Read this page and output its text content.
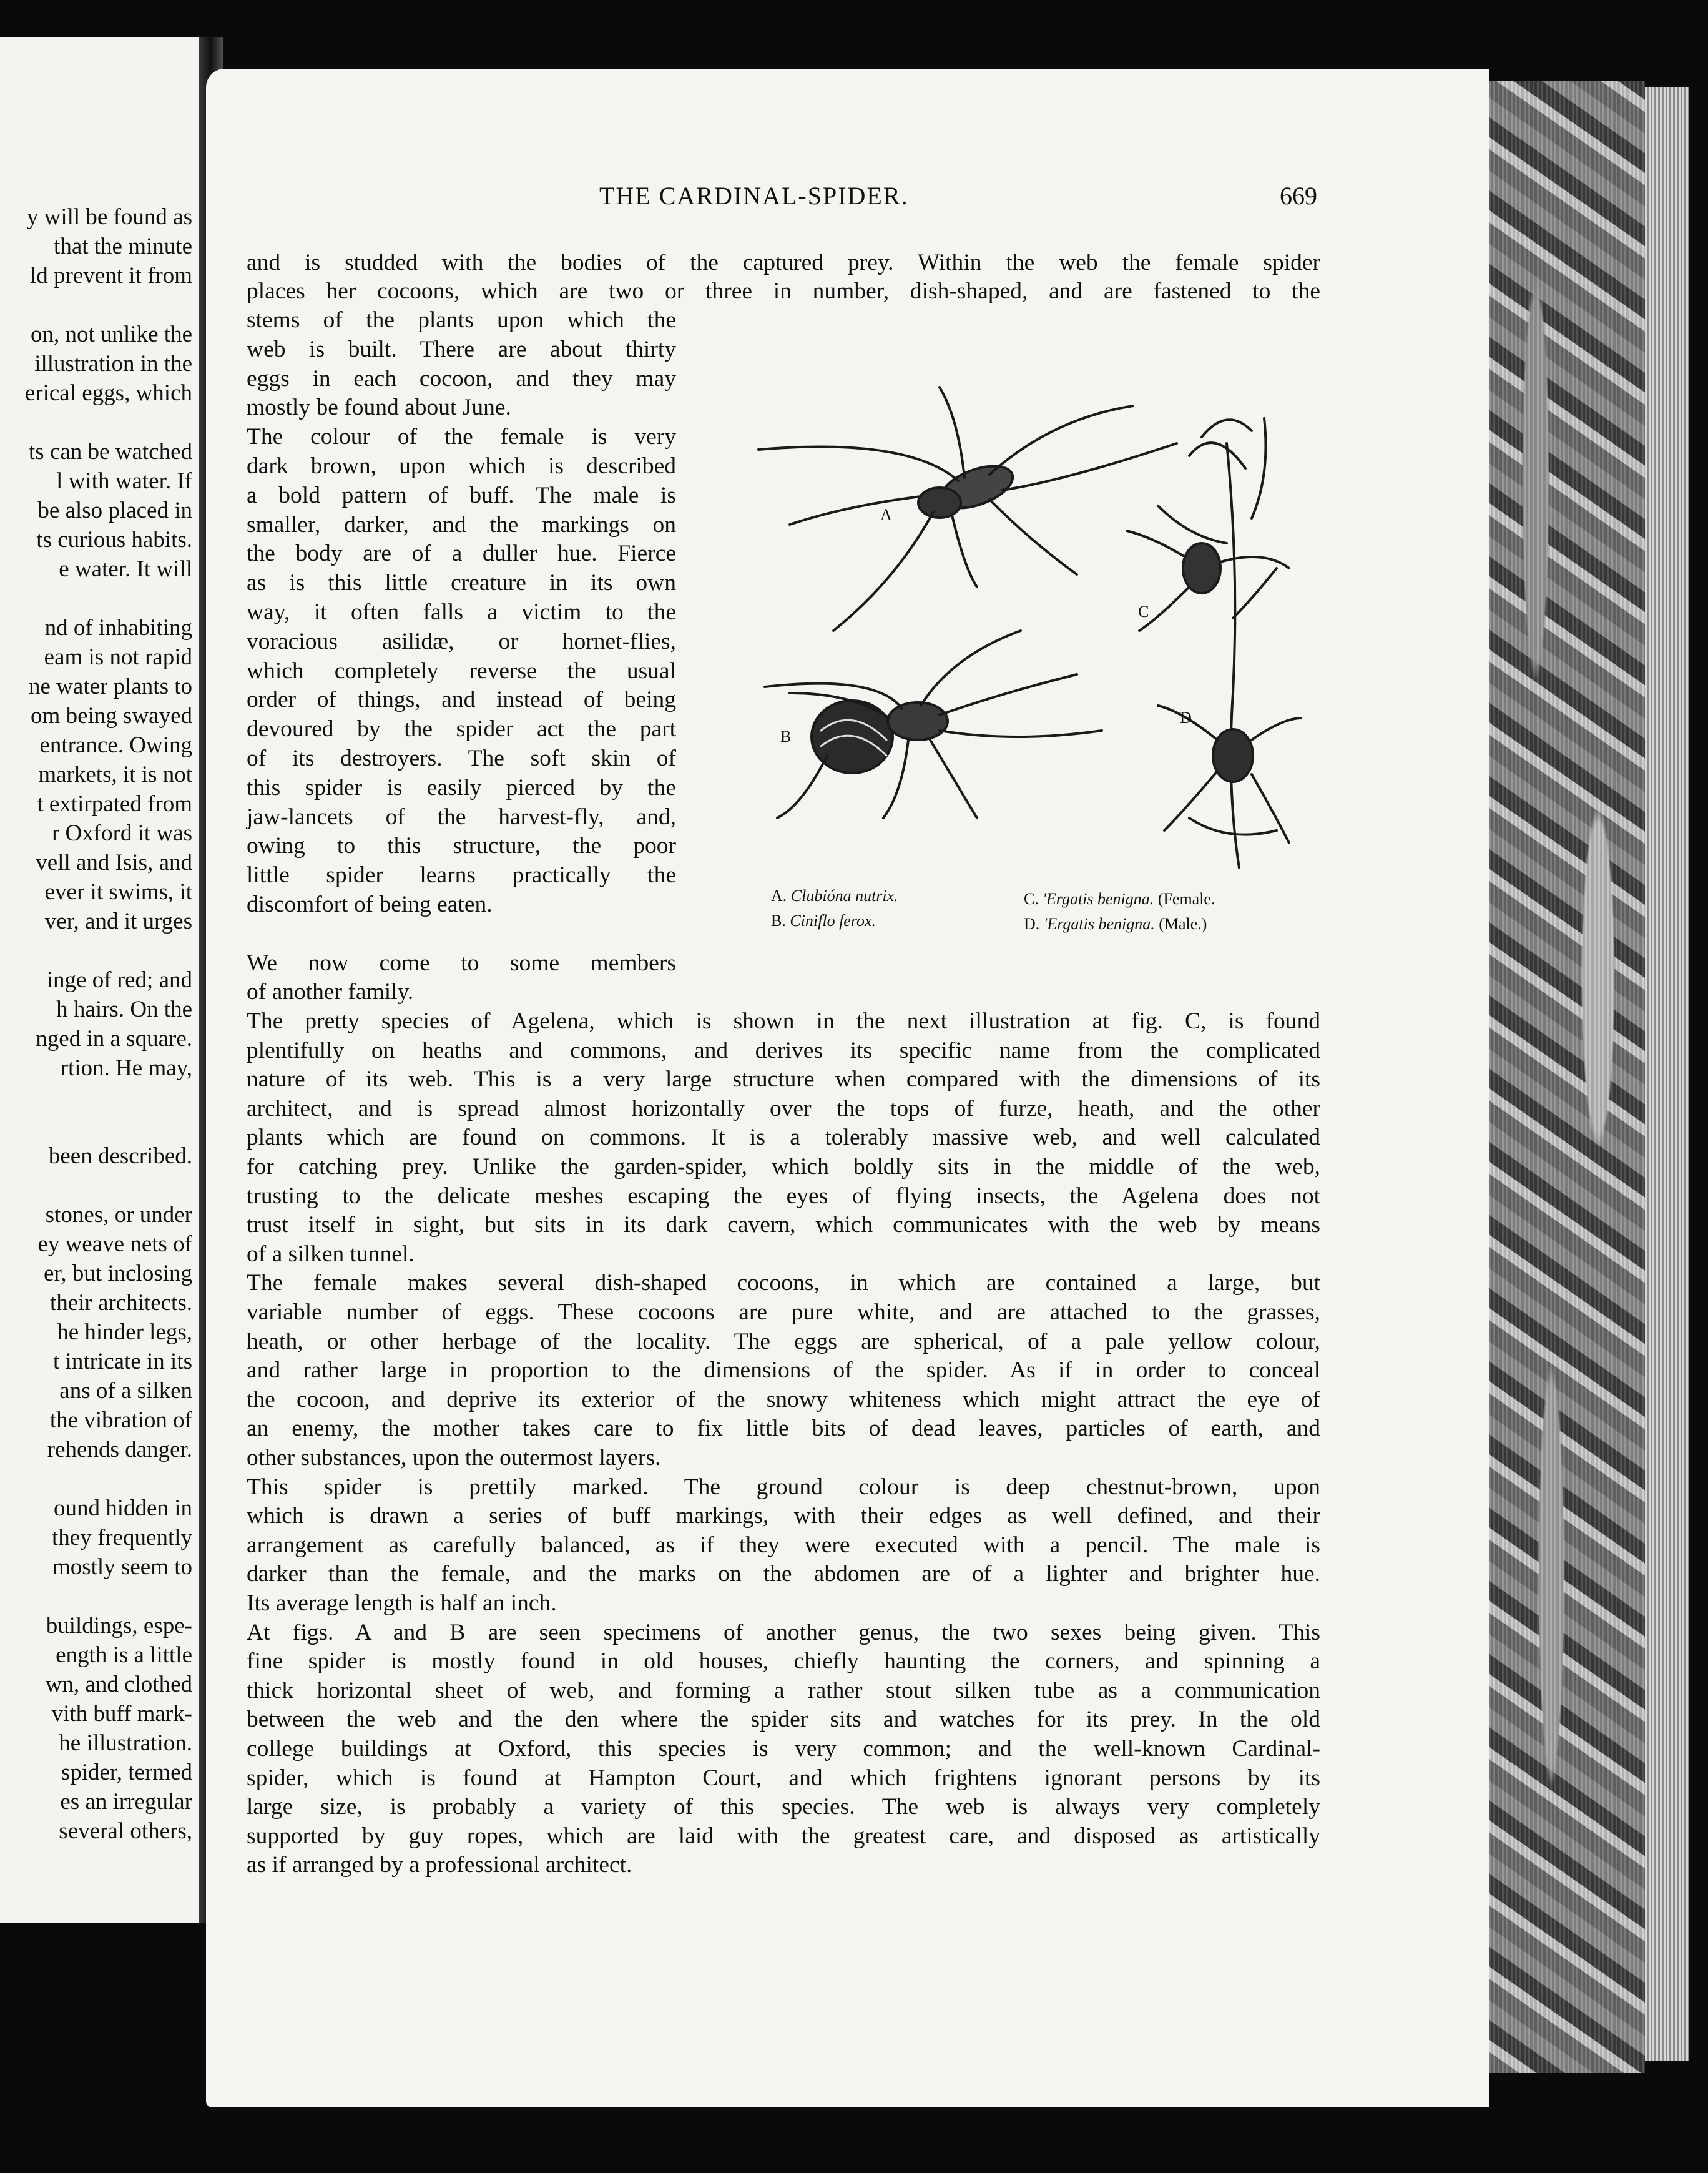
y will be found as
that the minute
ld prevent it from
on, not unlike the
illustration in the
erical eggs, which
ts can be watched
l with water. If
be also placed in
ts curious habits.
e water. It will
nd of inhabiting
eam is not rapid
ne water plants to
om being swayed
entrance. Owing
markets, it is not
t extirpated from
r Oxford it was
vell and Isis, and
ever it swims, it
ver, and it urges
inge of red; and
h hairs. On the
nged in a square.
rtion. He may,
been described.
stones, or under
ey weave nets of
er, but inclosing
their architects.
he hinder legs,
t intricate in its
ans of a silken
the vibration of
rehends danger.
ound hidden in
they frequently
mostly seem to
buildings, espe-
ength is a little
wn, and clothed
vith buff mark-
he illustration.
spider, termed
es an irregular
several others,
THE CARDINAL-SPIDER.	669
and is studded with the bodies of the captured prey. Within the web the female spider
places her cocoons, which are two or three in number, dish-shaped, and are fastened to the
stems of the plants upon which the
web is built. There are about thirty
eggs in each cocoon, and they may
mostly be found about June.
The colour of the female is very
dark brown, upon which is described
a bold pattern of buff. The male is
smaller, darker, and the markings on
the body are of a duller hue. Fierce
as is this little creature in its own
way, it often falls a victim to the
voracious asilidæ, or hornet-flies,
which completely reverse the usual
order of things, and instead of being
devoured by the spider act the part
of its destroyers. The soft skin of
this spider is easily pierced by the
jaw-lancets of the harvest-fly, and,
owing to this structure, the poor
little spider learns practically the
discomfort of being eaten.
We now come to some members
of another family.
A
B
C
D
A. Clubióna nutrix.
B. Ciniflo ferox.
C. 'Ergatis benigna. (Female.
D. 'Ergatis benigna. (Male.)
The pretty species of Agelena, which is shown in the next illustration at fig. C, is found
plentifully on heaths and commons, and derives its specific name from the complicated
nature of its web. This is a very large structure when compared with the dimensions of its
architect, and is spread almost horizontally over the tops of furze, heath, and the other
plants which are found on commons. It is a tolerably massive web, and well calculated
for catching prey. Unlike the garden-spider, which boldly sits in the middle of the web,
trusting to the delicate meshes escaping the eyes of flying insects, the Agelena does not
trust itself in sight, but sits in its dark cavern, which communicates with the web by means
of a silken tunnel.
The female makes several dish-shaped cocoons, in which are contained a large, but
variable number of eggs. These cocoons are pure white, and are attached to the grasses,
heath, or other herbage of the locality. The eggs are spherical, of a pale yellow colour,
and rather large in proportion to the dimensions of the spider. As if in order to conceal
the cocoon, and deprive its exterior of the snowy whiteness which might attract the eye of
an enemy, the mother takes care to fix little bits of dead leaves, particles of earth, and
other substances, upon the outermost layers.
This spider is prettily marked. The ground colour is deep chestnut-brown, upon
which is drawn a series of buff markings, with their edges as well defined, and their
arrangement as carefully balanced, as if they were executed with a pencil. The male is
darker than the female, and the marks on the abdomen are of a lighter and brighter hue.
Its average length is half an inch.
At figs. A and B are seen specimens of another genus, the two sexes being given. This
fine spider is mostly found in old houses, chiefly haunting the corners, and spinning a
thick horizontal sheet of web, and forming a rather stout silken tube as a communication
between the web and the den where the spider sits and watches for its prey. In the old
college buildings at Oxford, this species is very common; and the well-known Cardinal-
spider, which is found at Hampton Court, and which frightens ignorant persons by its
large size, is probably a variety of this species. The web is always very completely
supported by guy ropes, which are laid with the greatest care, and disposed as artistically
as if arranged by a professional architect.
